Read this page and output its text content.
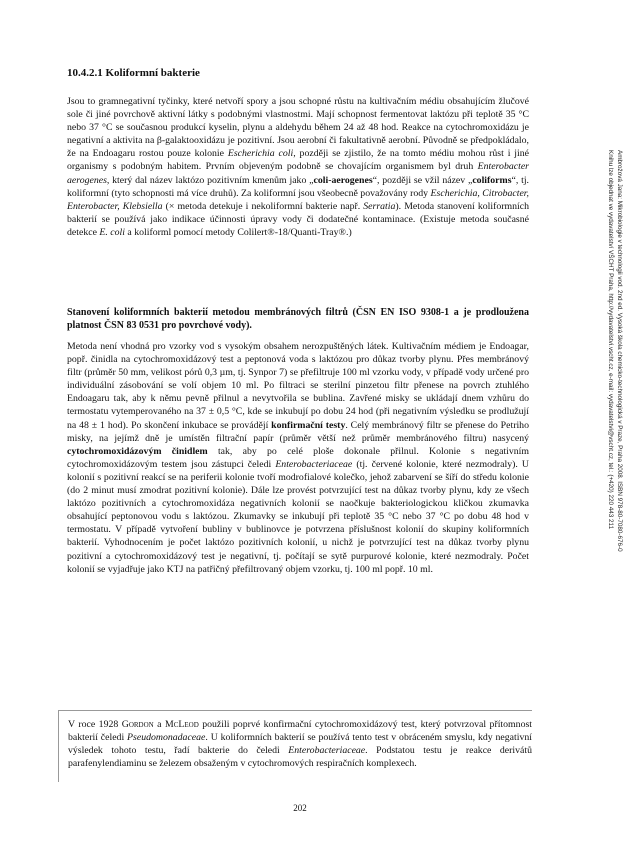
10.4.2.1 Koliformní bakterie

Jsou to gramnegativní tyčinky, které netvoří spory a jsou schopné růstu na kultivačním médiu obsahujícím žlučové sole či jiné povrchově aktivní látky s podobnými vlastnostmi. Mají schopnost fermentovat laktózu při teplotě 35 °C nebo 37 °C se současnou produkcí kyselin, plynu a aldehydu během 24 až 48 hod. Reakce na cytochromoxidázu je negativní a aktivita na β-galaktooxidázu je pozitivní. Jsou aerobní či fakultativně aerobní. Původně se předpokládalo, že na Endoagaru rostou pouze kolonie Escherichia coli, později se zjistilo, že na tomto médiu mohou růst i jiné organismy s podobným habitem. Prvním objeveným podobně se chovajícím organismem byl druh Enterobacter aerogenes, který dal název laktózo pozitivním kmenům jako „coli-aerogenes“, později se vžil název „coliforms“, tj. koliformní (tyto schopnosti má více druhů). Za koliformní jsou všeobecně považovány rody Escherichia, Citrobacter, Enterobacter, Klebsiella (× metoda detekuje i nekoliformní bakterie např. Serratia). Metoda stanovení koliformních bakterií se používá jako indikace účinnosti úpravy vody či dodatečné kontaminace. (Existuje metoda současné detekce E. coli a koliforml pomocí metody Colilert®-18/Quanti-Tray®.)

Stanovení koliformních bakterií metodou membránových filtrů (ČSN EN ISO 9308-1 a je prodloužena platnost ČSN 83 0531 pro povrchové vody).

Metoda není vhodná pro vzorky vod s vysokým obsahem nerozpuštěných látek. Kultivačním médiem je Endoagar, popř. činidla na cytochromoxidázový test a peptonová voda s laktózou pro důkaz tvorby plynu. Přes membránový filtr (průměr 50 mm, velikost pórů 0,3 µm, tj. Synpor 7) se přefiltruje 100 ml vzorku vody, v případě vody určené pro individuální zásobování se volí objem 10 ml. Po filtraci se sterilní pinzetou filtr přenese na povrch ztuhlého Endoagaru tak, aby k němu pevně přilnul a nevytvořila se bublina. Zavřené misky se ukládají dnem vzhůru do termostatu vytemperovaného na 37 ± 0,5 °C, kde se inkubují po dobu 24 hod (při negativním výsledku se prodlužují na 48 ± 1 hod). Po skončení inkubace se provádějí konfirmační testy. Celý membránový filtr se přenese do Petriho misky, na jejímž dně je umístěn filtrační papír (průměr větší než průměr membránového filtru) nasycený cytochromoxidázovým činidlem tak, aby po celé ploše dokonale přilnul. Kolonie s negativním cytochromoxidázovým testem jsou zástupci čeledi Enterobacteriaceae (tj. červené kolonie, které nezmodraly). U kolonií s pozitivní reakcí se na periferii kolonie tvoří modrofialové kolečko, jehož zabarvení se šíří do středu kolonie (do 2 minut musí zmodrat pozitivní kolonie). Dále lze provést potvrzující test na důkaz tvorby plynu, kdy ze všech laktózo pozitivních a cytochromoxidáza negativních kolonií se naočkuje bakteriologickou kličkou zkumavka obsahující peptonovou vodu s laktózou. Zkumavky se inkubují při teplotě 35 °C nebo 37 °C po dobu 48 hod v termostatu. V případě vytvoření bubliny v bublinovce je potvrzena příslušnost kolonií do skupiny koliformních bakterií. Vyhodnocením je počet laktózo pozitivních kolonií, u nichž je potvrzující test na důkaz tvorby plynu pozitivní a cytochromoxidázový test je negativní, tj. počítají se sytě purpurové kolonie, které nezmodraly. Počet kolonií se vyjadřuje jako KTJ na patřičný přefiltrovaný objem vzorku, tj. 100 ml popř. 10 ml.

V roce 1928 Gordon a McLeod použili poprvé konfirmační cytochromoxidázový test, který potvrzoval přítomnost bakterií čeledi Pseudomonadaceae. U koliformních bakterií se používá tento test v obráceném smyslu, kdy negativní výsledek tohoto testu, řadí bakterie do čeledi Enterobacteriaceae. Podstatou testu je reakce derivátů parafenylendiaminu se železem obsaženým v cytochromových respiračních komplexech.
202
Ambrožová Jana: Mikrobiologie v technologii vod. 2nd ed. Vysoká škola chemicko-technologická v Praze, Praha 2008. ISBN 978-80-7080-676-0
Knihu lze objednat ve vydavatelství VŠCHT Praha, http://vydavatelstvi.vscht.cz, e-mail: vydavatelstvi@vscht.cz, tel.: (+420) 220 443 211
